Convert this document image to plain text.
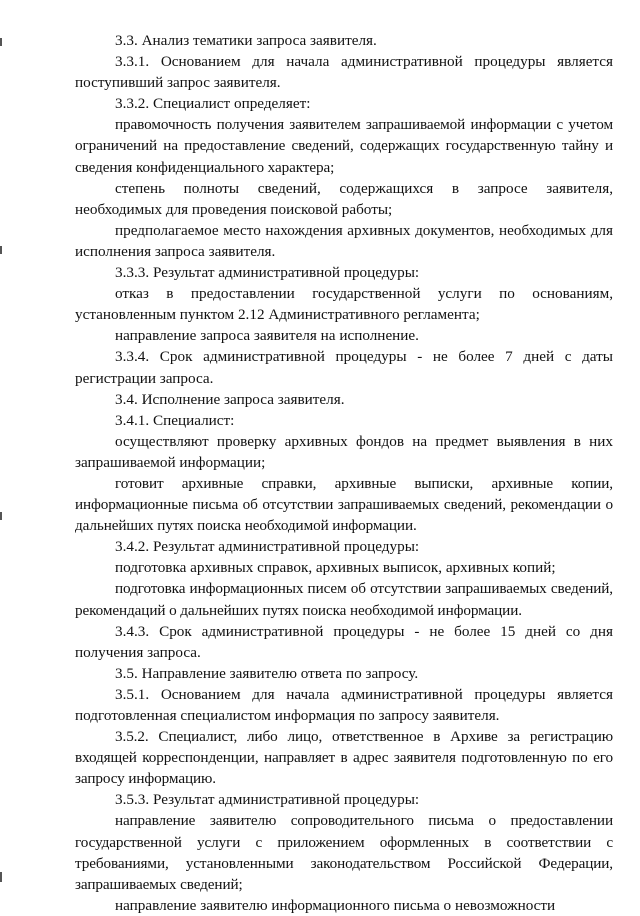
3.3. Анализ тематики запроса заявителя.

3.3.1. Основанием для начала административной процедуры является поступивший запрос заявителя.

3.3.2. Специалист определяет:

правомочность получения заявителем запрашиваемой информации с учетом ограничений на предоставление сведений, содержащих государственную тайну и сведения конфиденциального характера;

степень полноты сведений, содержащихся в запросе заявителя, необходимых для проведения поисковой работы;

предполагаемое место нахождения архивных документов, необходимых для исполнения запроса заявителя.

3.3.3. Результат административной процедуры:

отказ в предоставлении государственной услуги по основаниям, установленным пунктом 2.12 Административного регламента;

направление запроса заявителя на исполнение.

3.3.4. Срок административной процедуры - не более 7 дней с даты регистрации запроса.

3.4. Исполнение запроса заявителя.

3.4.1. Специалист:

осуществляют проверку архивных фондов на предмет выявления в них запрашиваемой информации;

готовит архивные справки, архивные выписки, архивные копии, информационные письма об отсутствии запрашиваемых сведений, рекомендации о дальнейших путях поиска необходимой информации.

3.4.2. Результат административной процедуры:

подготовка архивных справок, архивных выписок, архивных копий;

подготовка информационных писем об отсутствии запрашиваемых сведений, рекомендаций о дальнейших путях поиска необходимой информации.

3.4.3. Срок административной процедуры - не более 15 дней со дня получения запроса.

3.5. Направление заявителю ответа по запросу.

3.5.1. Основанием для начала административной процедуры является подготовленная специалистом информация по запросу заявителя.

3.5.2. Специалист, либо лицо, ответственное в Архиве за регистрацию входящей корреспонденции, направляет в адрес заявителя подготовленную по его запросу информацию.

3.5.3. Результат административной процедуры:

направление заявителю сопроводительного письма о предоставлении государственной услуги с приложением оформленных в соответствии с требованиями, установленными законодательством Российской Федерации, запрашиваемых сведений;

направление заявителю информационного письма о невозможности
